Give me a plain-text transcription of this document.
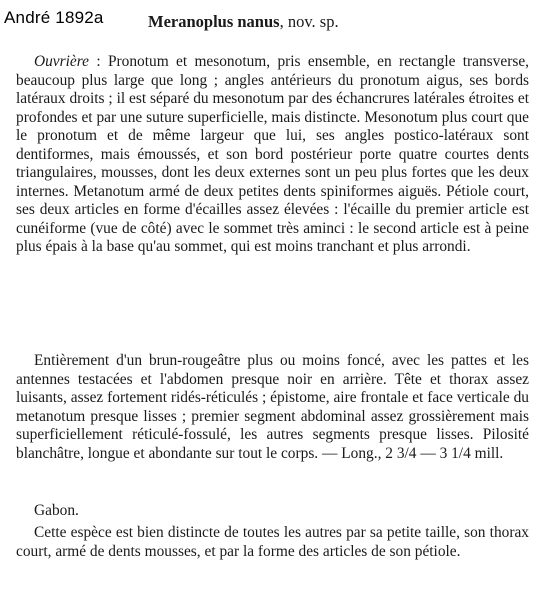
André 1892a	Meranoplus nanus, nov. sp.
Ouvrière : Pronotum et mesonotum, pris ensemble, en rectangle transverse, beaucoup plus large que long ; angles antérieurs du pronotum aigus, ses bords latéraux droits ; il est séparé du mesonotum par des échancrures latérales étroites et profondes et par une suture superficielle, mais distincte. Mesonotum plus court que le pronotum et de même largeur que lui, ses angles postico-latéraux sont dentiformes, mais émoussés, et son bord postérieur porte quatre courtes dents triangulaires, mousses, dont les deux externes sont un peu plus fortes que les deux internes. Metanotum armé de deux petites dents spiniformes aiguës. Pétiole court, ses deux articles en forme d'écailles assez élevées : l'écaille du premier article est cunéiforme (vue de côté) avec le sommet très aminci : le second article est à peine plus épais à la base qu'au sommet, qui est moins tranchant et plus arrondi.
Entièrement d'un brun-rougeâtre plus ou moins foncé, avec les pattes et les antennes testacées et l'abdomen presque noir en arrière. Tête et thorax assez luisants, assez fortement ridés-réticulés ; épistome, aire frontale et face verticale du metanotum presque lisses ; premier segment abdominal assez grossièrement mais superficiellement réticulé-fossulé, les autres segments presque lisses. Pilosité blanchâtre, longue et abondante sur tout le corps. — Long., 2 3/4 — 3 1/4 mill.
Gabon.
Cette espèce est bien distincte de toutes les autres par sa petite taille, son thorax court, armé de dents mousses, et par la forme des articles de son pétiole.
